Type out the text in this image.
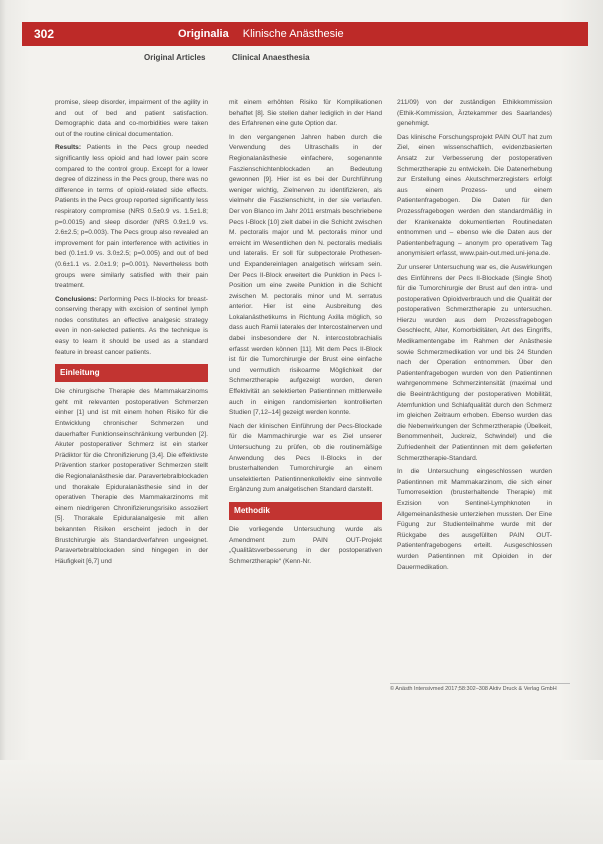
302	Originalia Klinische Anästhesie
Original Articles	Clinical Anaesthesia

promise, sleep disorder, impairment of the agility in and out of bed and patient satisfaction. Demographic data and co-morbidities were taken out of the routine clinical documentation.

Results: Patients in the Pecs group needed significantly less opioid and had lower pain score compared to the control group. Except for a lower degree of dizziness in the Pecs group, there was no difference in terms of opioid-related side effects. Patients in the Pecs group reported significantly less respiratory compromise (NRS 0.5±0.9 vs. 1.5±1.8; p=0.0015) and sleep disorder (NRS 0.9±1.9 vs. 2.6±2.5; p=0.003). The Pecs group also revealed an improvement for pain interference with activities in bed (0.1±1.9 vs. 3.0±2.5; p=0.005) and out of bed (0.6±1.1 vs. 2.0±1.9; p=0.001). Nevertheless both groups were similarly satisfied with their pain treatment.

Conclusions: Performing Pecs II-blocks for breast-conserving therapy with excision of sentinel lymph nodes constitutes an effective analgesic strategy even in non-selected patients. As the technique is easy to learn it should be used as a standard feature in breast cancer patients.

Einleitung

Die chirurgische Therapie des Mammakarzinoms geht mit relevanten postoperativen Schmerzen einher [1] und ist mit einem hohen Risiko für die Entwicklung chronischer Schmerzen und dauerhafter Funktionseinschränkung verbunden [2]. Akuter postoperativer Schmerz ist ein starker Prädiktor für die Chronifizierung [3,4]. Die effektivste Prävention starker postoperativer Schmerzen stellt die Regionalanästhesie dar. Paravertebralblockaden und thorakale Epiduralanästhesie sind in der operativen Therapie des Mammakarzinoms mit einem niedrigeren Chronifizierungsrisiko assoziiert [5]. Thorakale Epiduralanalgesie mit allen bekannten Risiken erscheint jedoch in der Brustchirurgie als Standardverfahren ungeeignet. Paravertebralblockaden sind hingegen in der Häufigkeit [6,7] und

mit einem erhöhten Risiko für Komplikationen behaftet [8]. Sie stellen daher lediglich in der Hand des Erfahrenen eine gute Option dar.

In den vergangenen Jahren haben durch die Verwendung des Ultraschalls in der Regionalanästhesie einfachere, sogenannte Faszienschichtenblockaden an Bedeutung gewonnen [9]. Hier ist es bei der Durchführung weniger wichtig, Zielnerven zu identifizieren, als vielmehr die Faszienschicht, in der sie verlaufen. Der von Blanco im Jahr 2011 erstmals beschriebene Pecs I-Block [10] zielt dabei in die Schicht zwischen M. pectoralis major und M. pectoralis minor und erreicht im Wesentlichen den N. pectoralis medialis und lateralis. Er soll für subpectorale Prothesen- und Expandereinlagen analgetisch wirksam sein. Der Pecs II-Block erweitert die Punktion in Pecs I-Position um eine zweite Punktion in die Schicht zwischen M. pectoralis minor und M. serratus anterior. Hier ist eine Ausbreitung des Lokalanästhetikums in Richtung Axilla möglich, so dass auch Ramii laterales der Intercostalnerven und dabei insbesondere der N. intercostobrachialis erfasst werden können [11]. Mit dem Pecs II-Block ist für die Tumorchirurgie der Brust eine einfache und vermutlich risikoarme Möglichkeit der Schmerztherapie aufgezeigt worden, deren Effektivität an selektierten Patientinnen mittlerweile auch in einigen randomisierten kontrollierten Studien [7,12–14] gezeigt werden konnte.

Nach der klinischen Einführung der Pecs-Blockade für die Mammachirurgie war es Ziel unserer Untersuchung zu prüfen, ob die routinemäßige Anwendung des Pecs II-Blocks in der brusterhaltenden Tumorchirurgie an einem unselektierten Patientinnenkollektiv eine sinnvolle Ergänzung zum analgetischen Standard darstellt.

Methodik

Die vorliegende Untersuchung wurde als Amendment zum PAIN OUT-Projekt „Qualitätsverbesserung in der postoperativen Schmerztherapie“ (Kenn-Nr.

211/09) von der zuständigen Ethikkommission (Ethik-Kommission, Ärztekammer des Saarlandes) genehmigt.

Das klinische Forschungsprojekt PAIN OUT hat zum Ziel, einen wissenschaftlich, evidenzbasierten Ansatz zur Verbesserung der postoperativen Schmerztherapie zu entwickeln. Die Datenerhebung zur Erstellung eines Akutschmerzregisters erfolgt aus einem Prozess- und einem Patientenfragebogen. Die Daten für den Prozessfragebogen werden den standardmäßig in der Krankenakte dokumentierten Routinedaten entnommen und – ebenso wie die Daten aus der Patientenbefragung – anonym pro operativem Tag anonymisiert erfasst, www.pain-out.med.uni-jena.de.

Zur unserer Untersuchung war es, die Auswirkungen des Einführens der Pecs II-Blockade (Single Shot) für die Tumorchirurgie der Brust auf den intra- und postoperativen Opioidverbrauch und die Qualität der postoperativen Schmerztherapie zu untersuchen. Hierzu wurden aus dem Prozessfragebogen Geschlecht, Alter, Komorbiditäten, Art des Eingriffs, Medikamentengabe im Rahmen der Anästhesie sowie Schmerzmedikation vor und bis 24 Stunden nach der Operation entnommen. Über den Patientenfragebogen wurden von den Patientinnen wahrgenommene Schmerzintensität (maximal und die Beeinträchtigung der postoperativen Mobilität, Atemfunktion und Schlafqualität durch den Schmerz im gleichen Zeitraum erhoben. Ebenso wurden das die Nebenwirkungen der Schmerztherapie (Übelkeit, Benommenheit, Juckreiz, Schwindel) und die Zufriedenheit der Patientinnen mit dem gelieferten Schmerztherapie-Standard.

In die Untersuchung eingeschlossen wurden Patientinnen mit Mammakarzinom, die sich einer Tumorresektion (brusterhaltende Therapie) mit Exzision von Sentinel-Lymphknoten in Allgemeinanästhesie unterziehen mussten. Der Eine Fügung zur Studienteilnahme wurde mit der Rückgabe des ausgefüllten PAIN OUT-Patientenfragebogens erteilt. Ausgeschlossen wurden Patientinnen mit Opioiden in der Dauermedikation.

© Anästh Intensivmed 2017;58:302–308 Aktiv Druck & Verlag GmbH
